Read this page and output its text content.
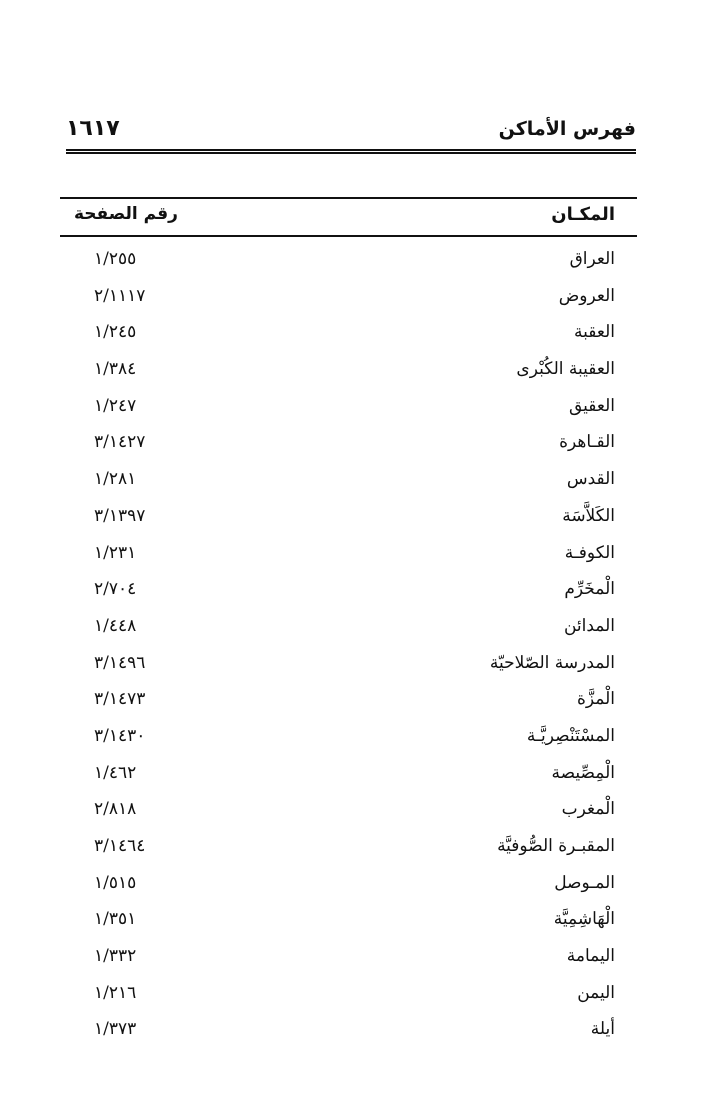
فهرس الأماكن
١٦١٧
المكـان
رقم الصفحة
العراق
١/٢٥٥
العروض
٢/١١١٧
العقبة
١/٢٤٥
العقيبة الكُبْرى
١/٣٨٤
العقيق
١/٢٤٧
القـاهرة
٣/١٤٢٧
القدس
١/٢٨١
الكَلاَّسَة
٣/١٣٩٧
الكوفـة
١/٢٣١
الْمخَرِّم
٢/٧٠٤
المدائن
١/٤٤٨
المدرسة الصّلاحيّة
٣/١٤٩٦
الْمزَّة
٣/١٤٧٣
المسْتَنْصِريَّـة
٣/١٤٣٠
الْمِصِّيصة
١/٤٦٢
الْمغرب
٢/٨١٨
المقبـرة الصُّوفيَّة
٣/١٤٦٤
المـوصل
١/٥١٥
الْهَاشِمِيَّة
١/٣٥١
اليمامة
١/٣٣٢
اليمن
١/٢١٦
أيلة
١/٣٧٣
